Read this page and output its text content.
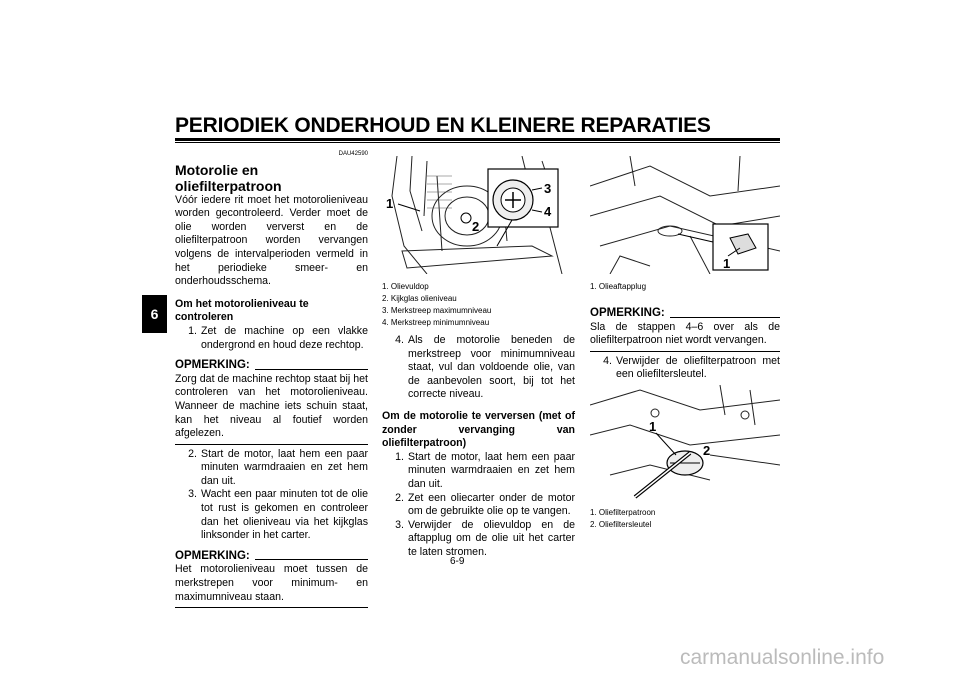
PERIODIEK ONDERHOUD EN KLEINERE REPARATIES
6
DAU42590
Motorolie en oliefilterpatroon
Vóór iedere rit moet het motorolieniveau worden gecontroleerd. Verder moet de olie worden ververst en de oliefilterpatroon worden vervangen volgens de intervalperioden vermeld in het periodieke smeer- en onderhoudsschema.
Om het motorolieniveau te controleren
1. Zet de machine op een vlakke ondergrond en houd deze rechtop.
OPMERKING:
Zorg dat de machine rechtop staat bij het controleren van het motorolieniveau. Wanneer de machine iets schuin staat, kan het niveau al foutief worden afgelezen.
2. Start de motor, laat hem een paar minuten warmdraaien en zet hem dan uit.
3. Wacht een paar minuten tot de olie tot rust is gekomen en controleer dan het olieniveau via het kijkglas linksonder in het carter.
OPMERKING:
Het motorolieniveau moet tussen de merkstrepen voor minimum- en maximumniveau staan.
1
2
3
4
1. Olievuldop
2. Kijkglas olieniveau
3. Merkstreep maximumniveau
4. Merkstreep minimumniveau
4. Als de motorolie beneden de merkstreep voor minimumniveau staat, vul dan voldoende olie, van de aanbevolen soort, bij tot het correcte niveau.
Om de motorolie te verversen (met of zonder vervanging van oliefilterpatroon)
1. Start de motor, laat hem een paar minuten warmdraaien en zet hem dan uit.
2. Zet een oliecarter onder de motor om de gebruikte olie op te vangen.
3. Verwijder de olievuldop en de aftapplug om de olie uit het carter te laten stromen.
1
1. Olieaftapplug
OPMERKING:
Sla de stappen 4–6 over als de oliefilterpatroon niet wordt vervangen.
4. Verwijder de oliefilterpatroon met een oliefiltersleutel.
1
2
1. Oliefilterpatroon
2. Oliefiltersleutel
6-9
carmanualsonline.info
